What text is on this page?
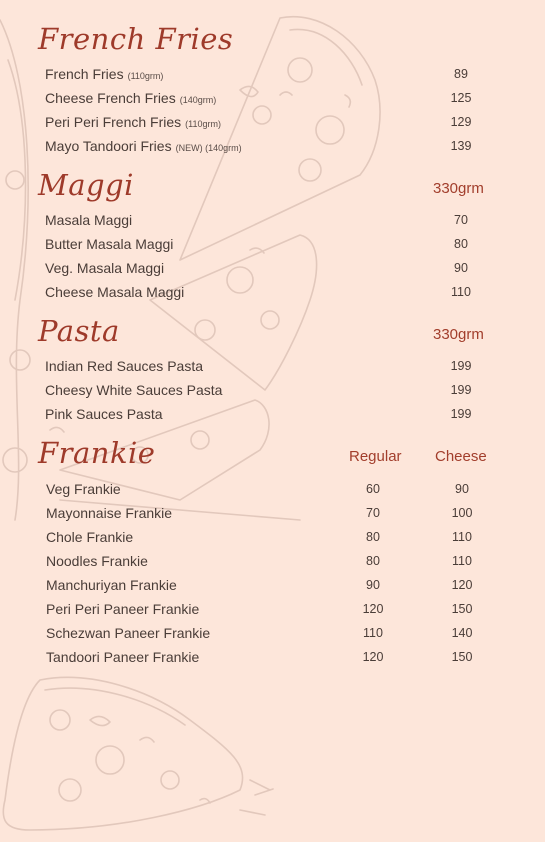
French Fries
French Fries (110grm)	89
Cheese French Fries (140grm)	125
Peri Peri French Fries (110grm)	129
Mayo Tandoori Fries (NEW) (140grm)	139
Maggi	330grm
Masala Maggi	70
Butter Masala Maggi	80
Veg. Masala Maggi	90
Cheese Masala Maggi	110
Pasta	330grm
Indian Red Sauces Pasta	199
Cheesy White Sauces Pasta	199
Pink Sauces Pasta	199
Frankie	Regular Cheese
Veg Frankie	60	90
Mayonnaise Frankie	70	100
Chole Frankie	80	110
Noodles Frankie	80	110
Manchuriyan Frankie	90	120
Peri Peri Paneer Frankie	120	150
Schezwan Paneer Frankie	110	140
Tandoori Paneer Frankie	120	150
